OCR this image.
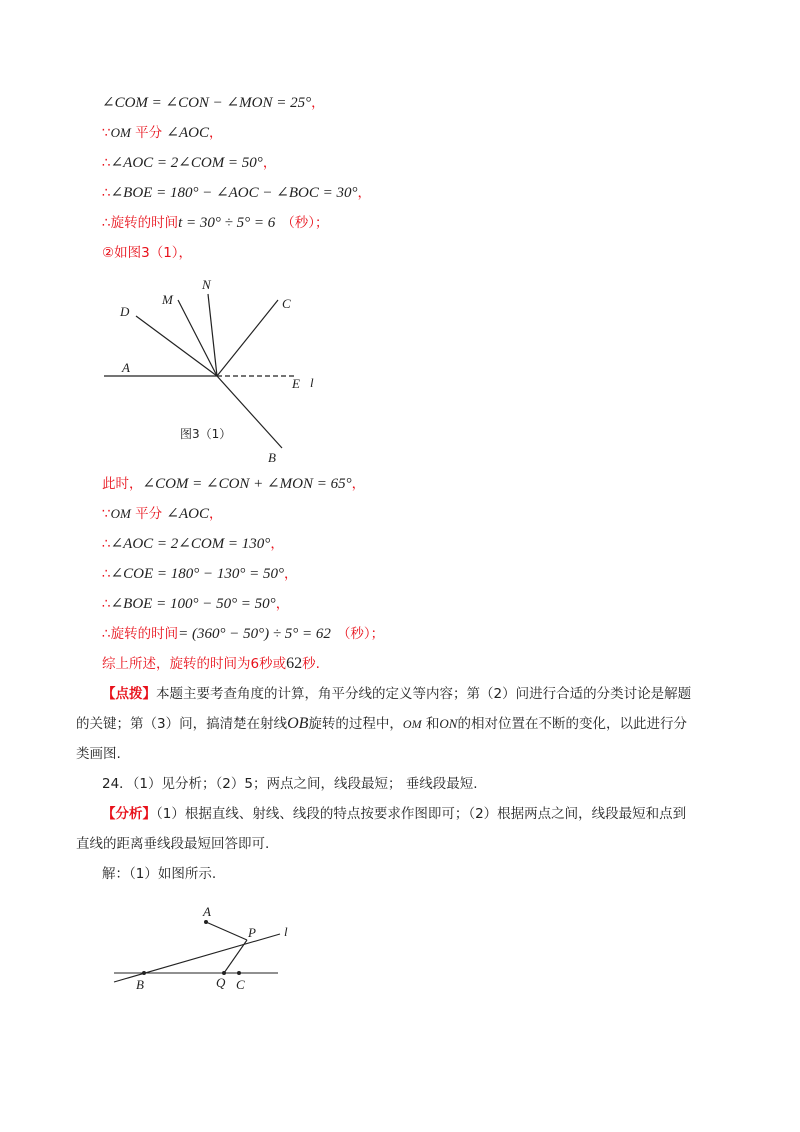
∠COM = ∠CON − ∠MON = 25°，
∵OM 平分 ∠AOC，
∴∠AOC = 2∠COM = 50°，
∴∠BOE = 180° − ∠AOC − ∠BOC = 30°，
∴旋转的时间t = 30° ÷ 5° = 6 （秒）；
②如图3（1），
D
M
N
C
A
E l
B
图3（1）
此时，∠COM = ∠CON + ∠MON = 65°，
∵OM 平分 ∠AOC，
∴∠AOC = 2∠COM = 130°，
∴∠COE = 180° − 130° = 50°，
∴∠BOE = 100° − 50° = 50°，
∴旋转的时间= (360° − 50°) ÷ 5° = 62 （秒）；
综上所述，旋转的时间为6秒或62秒.
【点拨】本题主要考查角度的计算，角平分线的定义等内容；第（2）问进行合适的分类讨论是解题
的关键；第（3）问，搞清楚在射线OB旋转的过程中，OM 和ON的相对位置在不断的变化，以此进行分
类画图.
24．（1）见分析；（2）5；两点之间，线段最短； 垂线段最短.
【分析】（1）根据直线、射线、线段的特点按要求作图即可；（2）根据两点之间，线段最短和点到
直线的距离垂线段最短回答即可.
解：（1）如图所示.
A
P l
B	Q C
